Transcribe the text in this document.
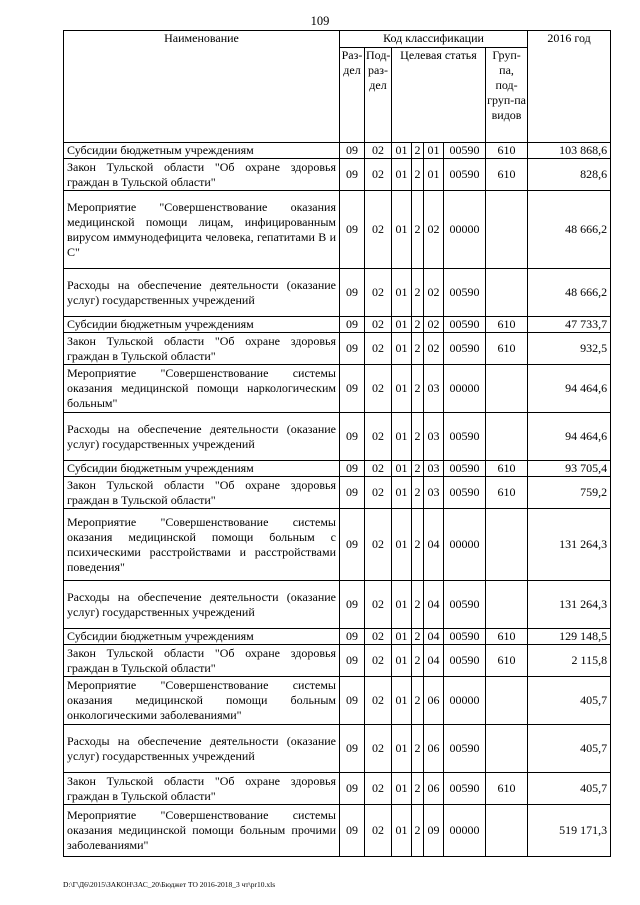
109
Наименование	Код классификации							2016 год
	Раз-дел	Под-раз-дел	Целевая статья				Груп-па, под-груп-па видов	
Субсидии бюджетным учреждениям	09	02	01	2	01	00590	610	103 868,6
Закон Тульской области "Об охране здоровья граждан в Тульской области"	09	02	01	2	01	00590	610	828,6
Мероприятие "Совершенствование оказания медицинской помощи лицам, инфицированным вирусом иммунодефицита человека, гепатитами В и С"	09	02	01	2	02	00000		48 666,2
Расходы на обеспечение деятельности (оказание услуг) государственных учреждений	09	02	01	2	02	00590		48 666,2
Субсидии бюджетным учреждениям	09	02	01	2	02	00590	610	47 733,7
Закон Тульской области "Об охране здоровья граждан в Тульской области"	09	02	01	2	02	00590	610	932,5
Мероприятие "Совершенствование системы оказания медицинской помощи наркологическим больным"	09	02	01	2	03	00000		94 464,6
Расходы на обеспечение деятельности (оказание услуг) государственных учреждений	09	02	01	2	03	00590		94 464,6
Субсидии бюджетным учреждениям	09	02	01	2	03	00590	610	93 705,4
Закон Тульской области "Об охране здоровья граждан в Тульской области"	09	02	01	2	03	00590	610	759,2
Мероприятие "Совершенствование системы оказания медицинской помощи больным с психическими расстройствами и расстройствами поведения"	09	02	01	2	04	00000		131 264,3
Расходы на обеспечение деятельности (оказание услуг) государственных учреждений	09	02	01	2	04	00590		131 264,3
Субсидии бюджетным учреждениям	09	02	01	2	04	00590	610	129 148,5
Закон Тульской области "Об охране здоровья граждан в Тульской области"	09	02	01	2	04	00590	610	2 115,8
Мероприятие "Совершенствование системы оказания медицинской помощи больным онкологическими заболеваниями"	09	02	01	2	06	00000		405,7
Расходы на обеспечение деятельности (оказание услуг) государственных учреждений	09	02	01	2	06	00590		405,7
Закон Тульской области "Об охране здоровья граждан в Тульской области"	09	02	01	2	06	00590	610	405,7
Мероприятие "Совершенствование системы оказания медицинской помощи больным прочими заболеваниями"	09	02	01	2	09	00000		519 171,3
D:\Г\Д6\2015\ЗАКОН\ЗАС_20\Бюджет ТО 2016-2018_3 чт\pr10.xls
